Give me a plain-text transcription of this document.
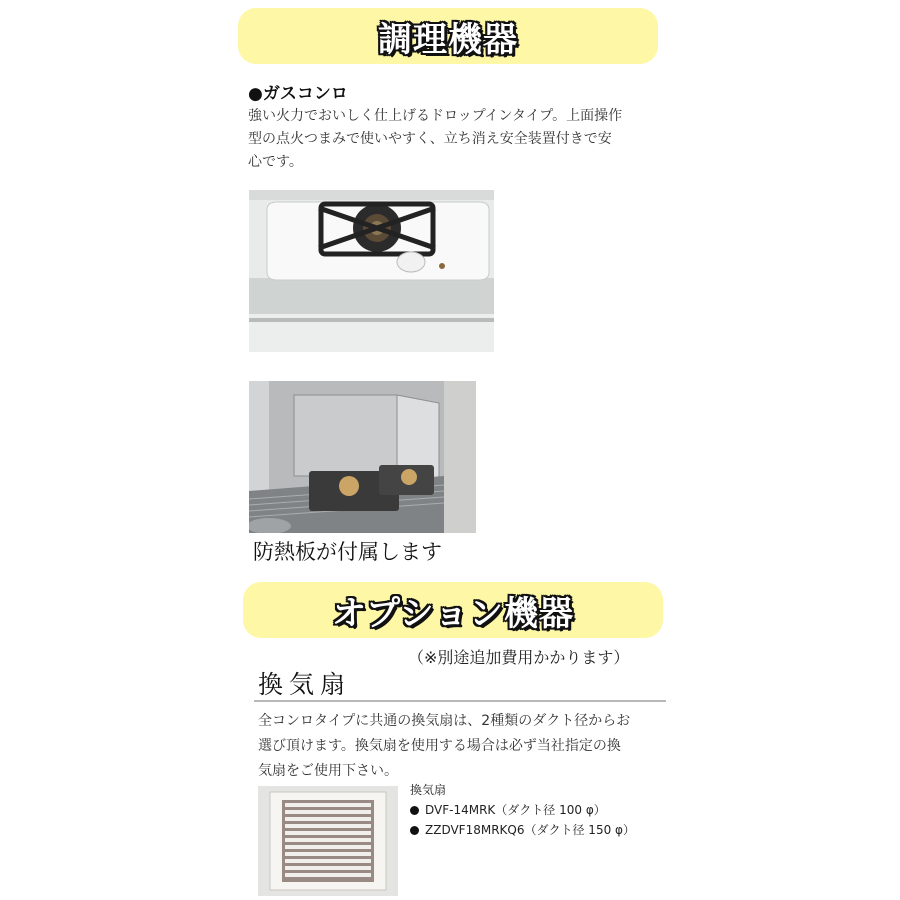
調理機器
●ガスコンロ
強い火力でおいしく仕上げるドロップインタイプ。上面操作
型の点火つまみで使いやすく、立ち消え安全装置付きで安
心です。
防熱板が付属します
オプション機器
（※別途追加費用かかります）
換気扇
全コンロタイプに共通の換気扇は、2種類のダクト径からお
選び頂けます。換気扇を使用する場合は必ず当社指定の換
気扇をご使用下さい。
換気扇
DVF-14MRK（ダクト径 100 φ）
ZZDVF18MRKQ6（ダクト径 150 φ）
